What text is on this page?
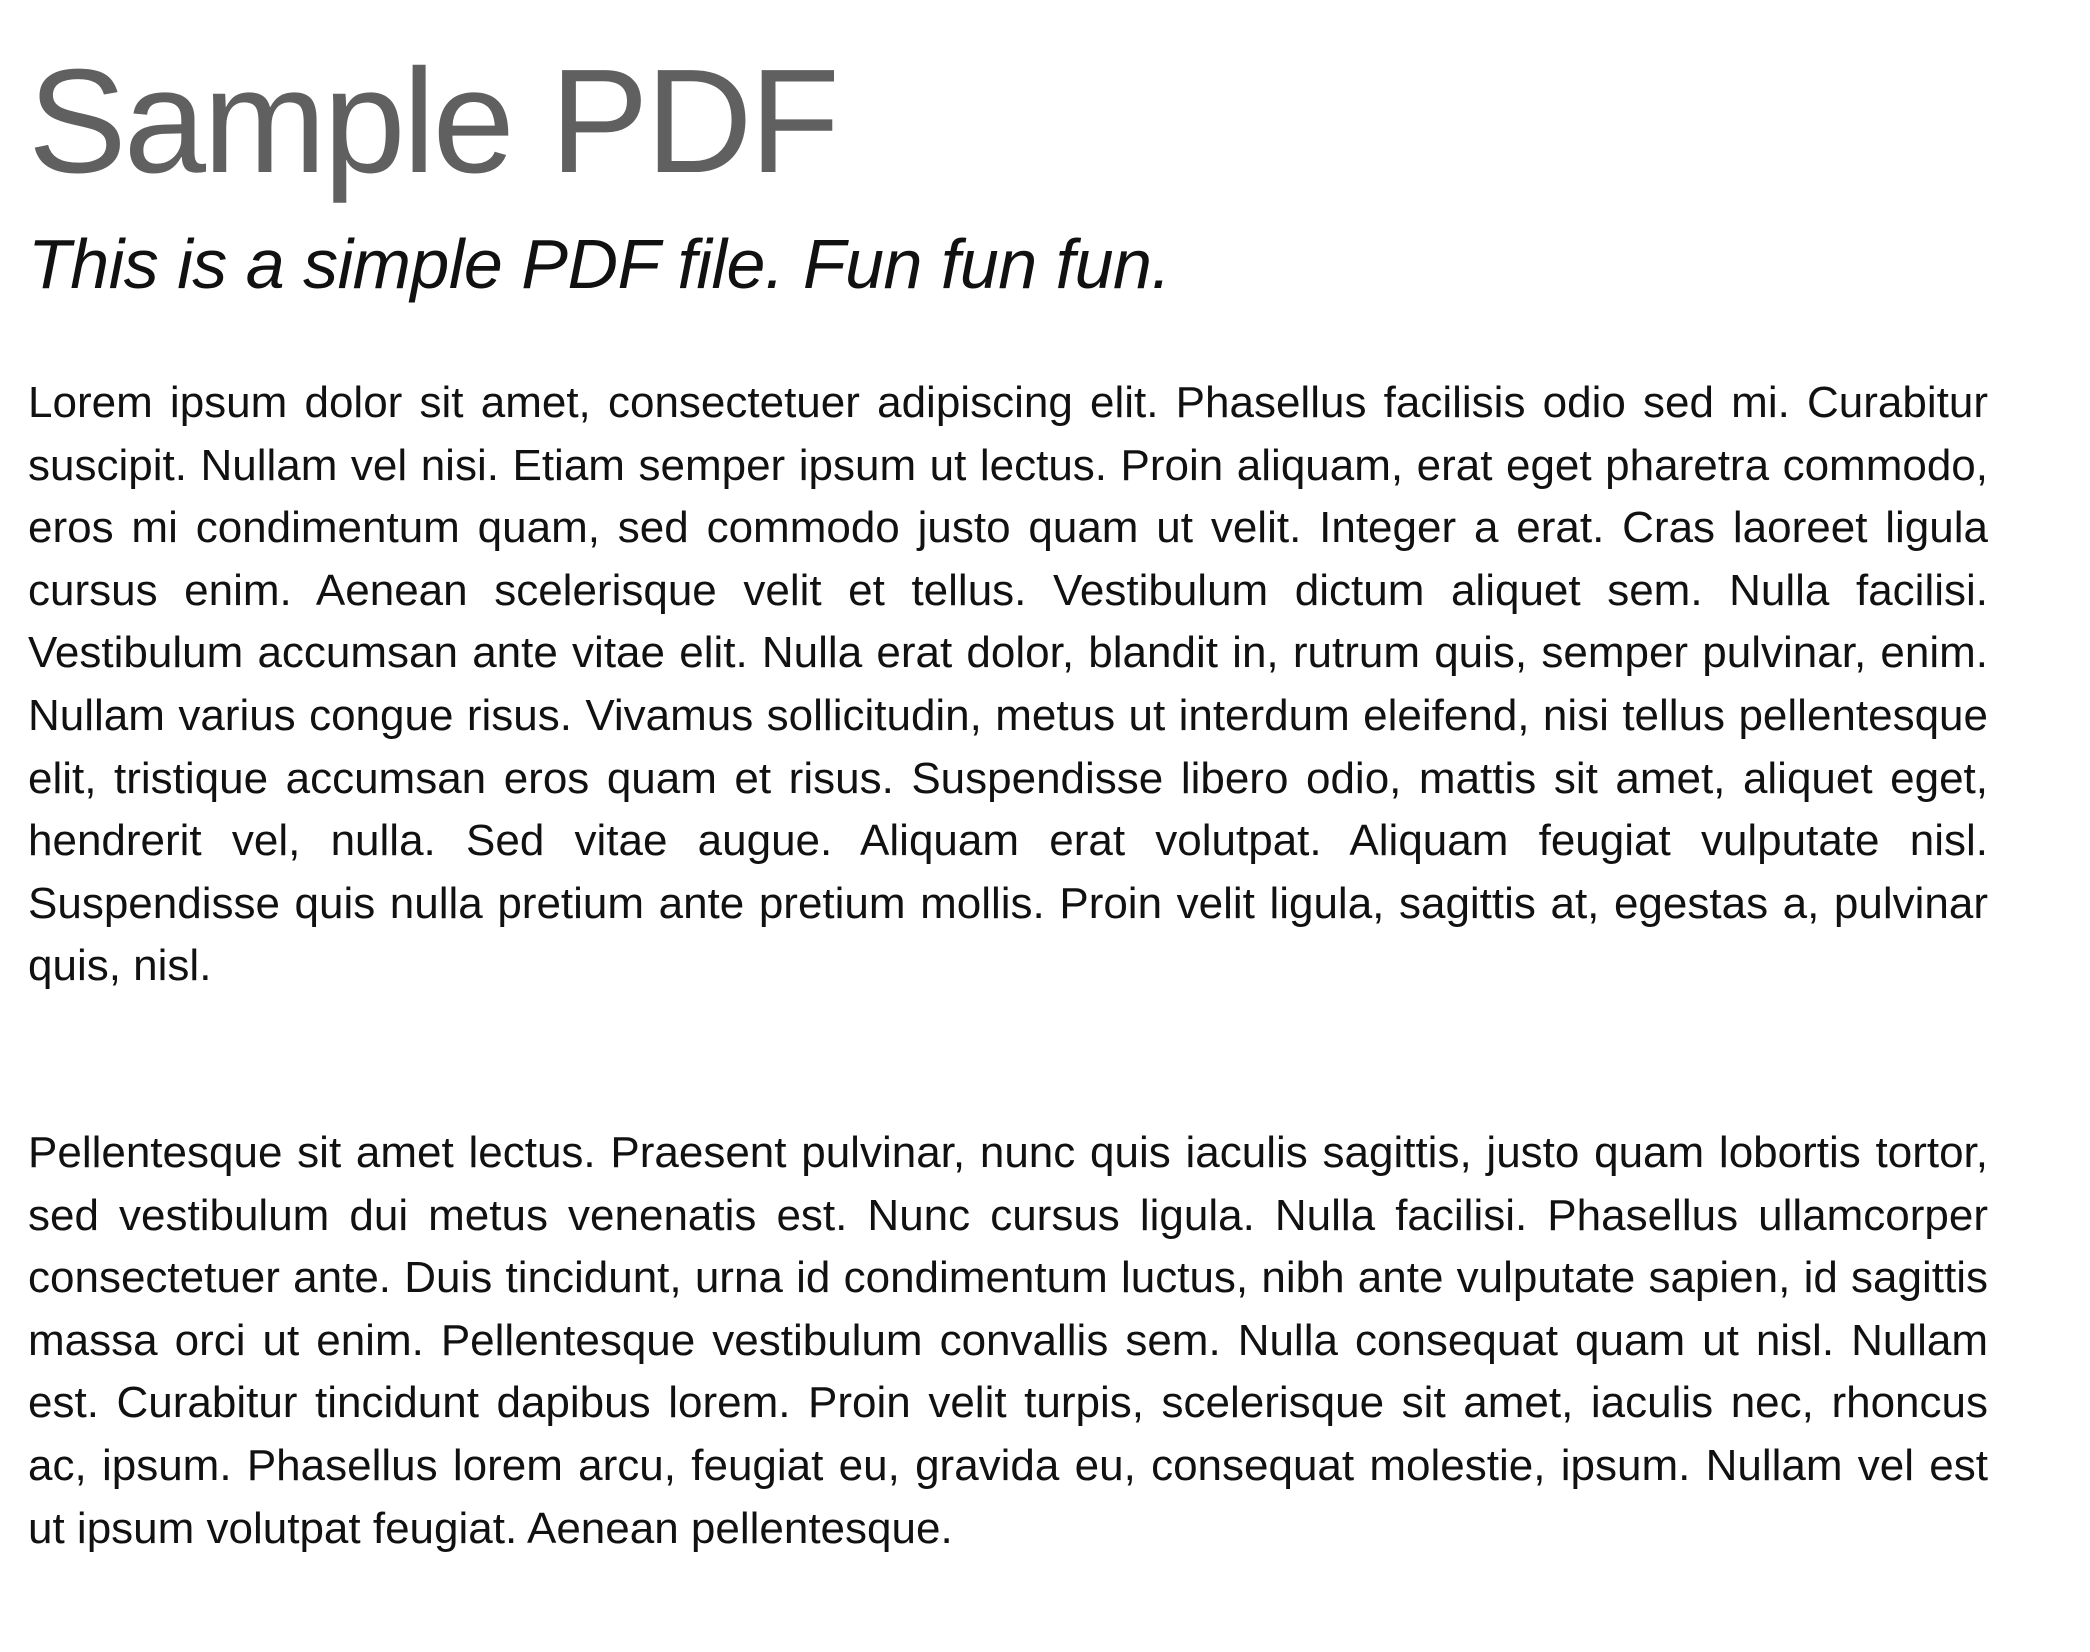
Sample PDF
This is a simple PDF file. Fun fun fun.

Lorem ipsum dolor sit amet, consectetuer adipiscing elit. Phasellus facilisis odio sed mi. Curabitur suscipit. Nullam vel nisi. Etiam semper ipsum ut lectus. Proin aliquam, erat eget pharetra commodo, eros mi condimentum quam, sed commodo justo quam ut velit. Integer a erat. Cras laoreet ligula cursus enim. Aenean scelerisque velit et tellus. Vestibulum dictum aliquet sem. Nulla facilisi. Vestibulum accumsan ante vitae elit. Nulla erat dolor, blandit in, rutrum quis, semper pulvinar, enim. Nullam varius congue risus. Vivamus sollicitudin, metus ut interdum eleifend, nisi tellus pellentesque elit, tristique accumsan eros quam et risus. Suspendisse libero odio, mattis sit amet, aliquet eget, hendrerit vel, nulla. Sed vitae augue. Aliquam erat volutpat. Aliquam feugiat vulputate nisl. Suspendisse quis nulla pretium ante pretium mollis. Proin velit ligula, sagittis at, egestas a, pulvinar quis, nisl.

Pellentesque sit amet lectus. Praesent pulvinar, nunc quis iaculis sagittis, justo quam lobortis tortor, sed vestibulum dui metus venenatis est. Nunc cursus ligula. Nulla facilisi. Phasellus ullamcorper consectetuer ante. Duis tincidunt, urna id condimentum luctus, nibh ante vulputate sapien, id sagittis massa orci ut enim. Pellentesque vestibulum convallis sem. Nulla consequat quam ut nisl. Nullam est. Curabitur tincidunt dapibus lorem. Proin velit turpis, scelerisque sit amet, iaculis nec, rhoncus ac, ipsum. Phasellus lorem arcu, feugiat eu, gravida eu, consequat molestie, ipsum. Nullam vel est ut ipsum volutpat feugiat. Aenean pellentesque.
